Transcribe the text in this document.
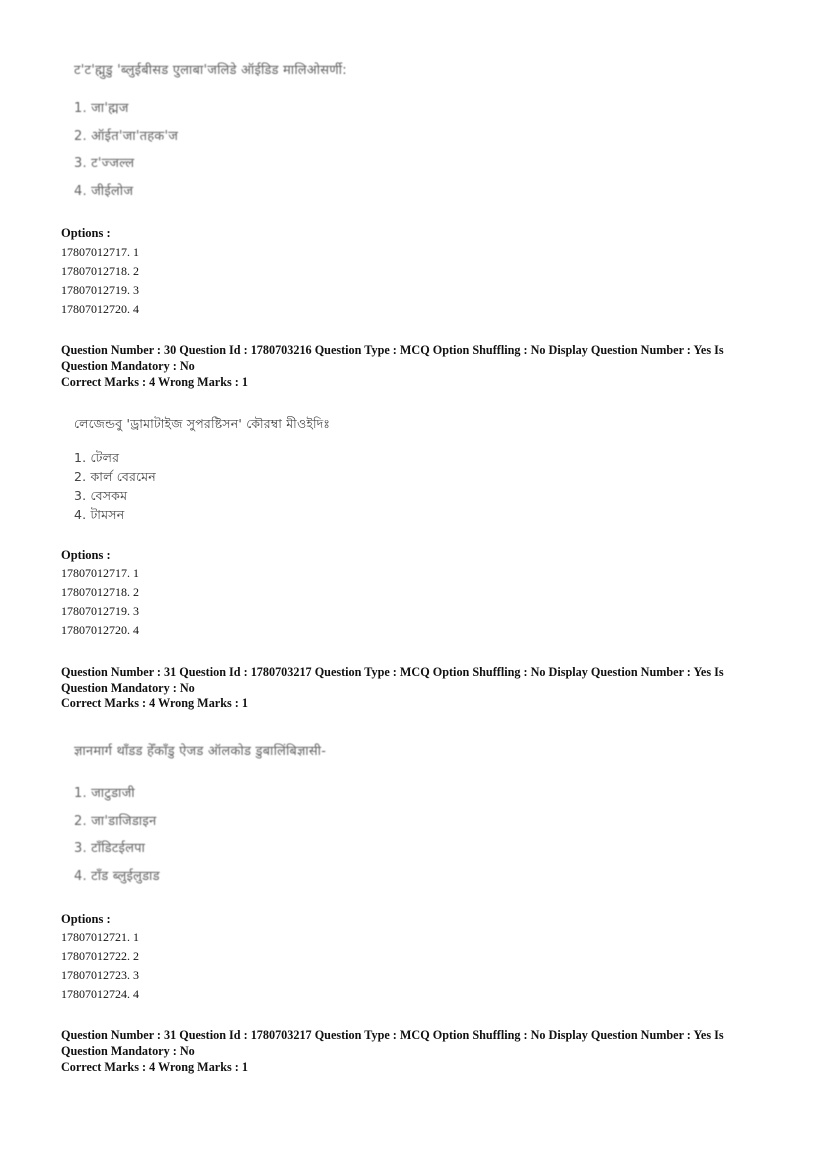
ट'ट'ह्मुडु 'ब्लुईबीसड एुलाबा'जलिडे ऑईडिड मालिओसर्णी:
1. जा'ह्मज
2. ऑईत'जा'तहक'ज
3. ट'ज्जल्ल
4. जीईलोज
Options :
17807012717. 1
17807012718. 2
17807012719. 3
17807012720. 4
Question Number : 30 Question Id : 1780703216 Question Type : MCQ Option Shuffling : No Display Question Number : Yes Is
Question Mandatory : No
Correct Marks : 4 Wrong Marks : 1
লেজেন্ডবু 'ড্রামাটাইজ সুপরষ্টিসন' কৌরম্বা মীওইদিঃ
1. টেলর
2. কার্ল বেরমেন
3. বেসকম
4. টামসন
Options :
17807012717. 1
17807012718. 2
17807012719. 3
17807012720. 4
Question Number : 31 Question Id : 1780703217 Question Type : MCQ Option Shuffling : No Display Question Number : Yes Is
Question Mandatory : No
Correct Marks : 4 Wrong Marks : 1
ज्ञानमार्ग थाँडड हेँकाँडु ऐजड ऑलकोड डुबालिंबिज्ञासी-
1. जाटुडाजी
2. जा'डाजिडाइन
3. टाँडिटईलपा
4. टाँड ब्लुईलुडाड
Options :
17807012721. 1
17807012722. 2
17807012723. 3
17807012724. 4
Question Number : 31 Question Id : 1780703217 Question Type : MCQ Option Shuffling : No Display Question Number : Yes Is
Question Mandatory : No
Correct Marks : 4 Wrong Marks : 1
